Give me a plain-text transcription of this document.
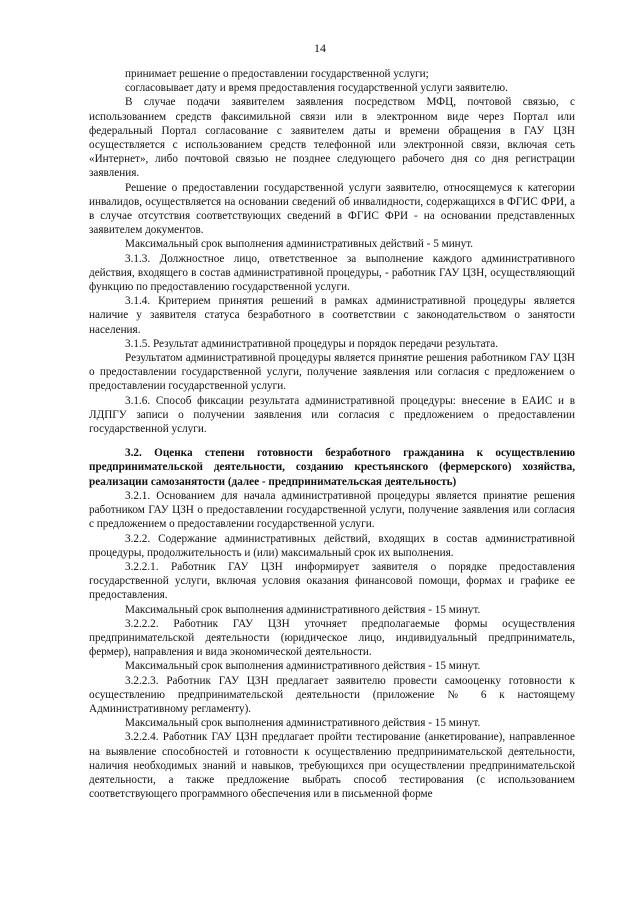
14

принимает решение о предоставлении государственной услуги;

согласовывает дату и время предоставления государственной услуги заявителю.

В случае подачи заявителем заявления посредством МФЦ, почтовой связью, с использованием средств факсимильной связи или в электронном виде через Портал или федеральный Портал согласование с заявителем даты и времени обращения в ГАУ ЦЗН осуществляется с использованием средств телефонной или электронной связи, включая сеть «Интернет», либо почтовой связью не позднее следующего рабочего дня со дня регистрации заявления.

Решение о предоставлении государственной услуги заявителю, относящемуся к категории инвалидов, осуществляется на основании сведений об инвалидности, содержащихся в ФГИС ФРИ, а в случае отсутствия соответствующих сведений в ФГИС ФРИ - на основании представленных заявителем документов.

Максимальный срок выполнения административных действий - 5 минут.

3.1.3. Должностное лицо, ответственное за выполнение каждого административного действия, входящего в состав административной процедуры, - работник ГАУ ЦЗН, осуществляющий функцию по предоставлению государственной услуги.

3.1.4. Критерием принятия решений в рамках административной процедуры является наличие у заявителя статуса безработного в соответствии с законодательством о занятости населения.

3.1.5. Результат административной процедуры и порядок передачи результата.

Результатом административной процедуры является принятие решения работником ГАУ ЦЗН о предоставлении государственной услуги, получение заявления или согласия с предложением о предоставлении государственной услуги.

3.1.6. Способ фиксации результата административной процедуры: внесение в ЕАИС и в ЛДПГУ записи о получении заявления или согласия с предложением о предоставлении государственной услуги.

3.2. Оценка степени готовности безработного гражданина к осуществлению предпринимательской деятельности, созданию крестьянского (фермерского) хозяйства, реализации самозанятости (далее - предпринимательская деятельность)

3.2.1. Основанием для начала административной процедуры является принятие решения работником ГАУ ЦЗН о предоставлении государственной услуги, получение заявления или согласия с предложением о предоставлении государственной услуги.

3.2.2. Содержание административных действий, входящих в состав административной процедуры, продолжительность и (или) максимальный срок их выполнения.

3.2.2.1. Работник ГАУ ЦЗН информирует заявителя о порядке предоставления государственной услуги, включая условия оказания финансовой помощи, формах и графике ее предоставления.

Максимальный срок выполнения административного действия - 15 минут.

3.2.2.2. Работник ГАУ ЦЗН уточняет предполагаемые формы осуществления предпринимательской деятельности (юридическое лицо, индивидуальный предприниматель, фермер), направления и вида экономической деятельности.

Максимальный срок выполнения административного действия - 15 минут.

3.2.2.3. Работник ГАУ ЦЗН предлагает заявителю провести самооценку готовности к осуществлению предпринимательской деятельности (приложение № 6 к настоящему Административному регламенту).

Максимальный срок выполнения административного действия - 15 минут.

3.2.2.4. Работник ГАУ ЦЗН предлагает пройти тестирование (анкетирование), направленное на выявление способностей и готовности к осуществлению предпринимательской деятельности, наличия необходимых знаний и навыков, требующихся при осуществлении предпринимательской деятельности, а также предложение выбрать способ тестирования (с использованием соответствующего программного обеспечения или в письменной форме
